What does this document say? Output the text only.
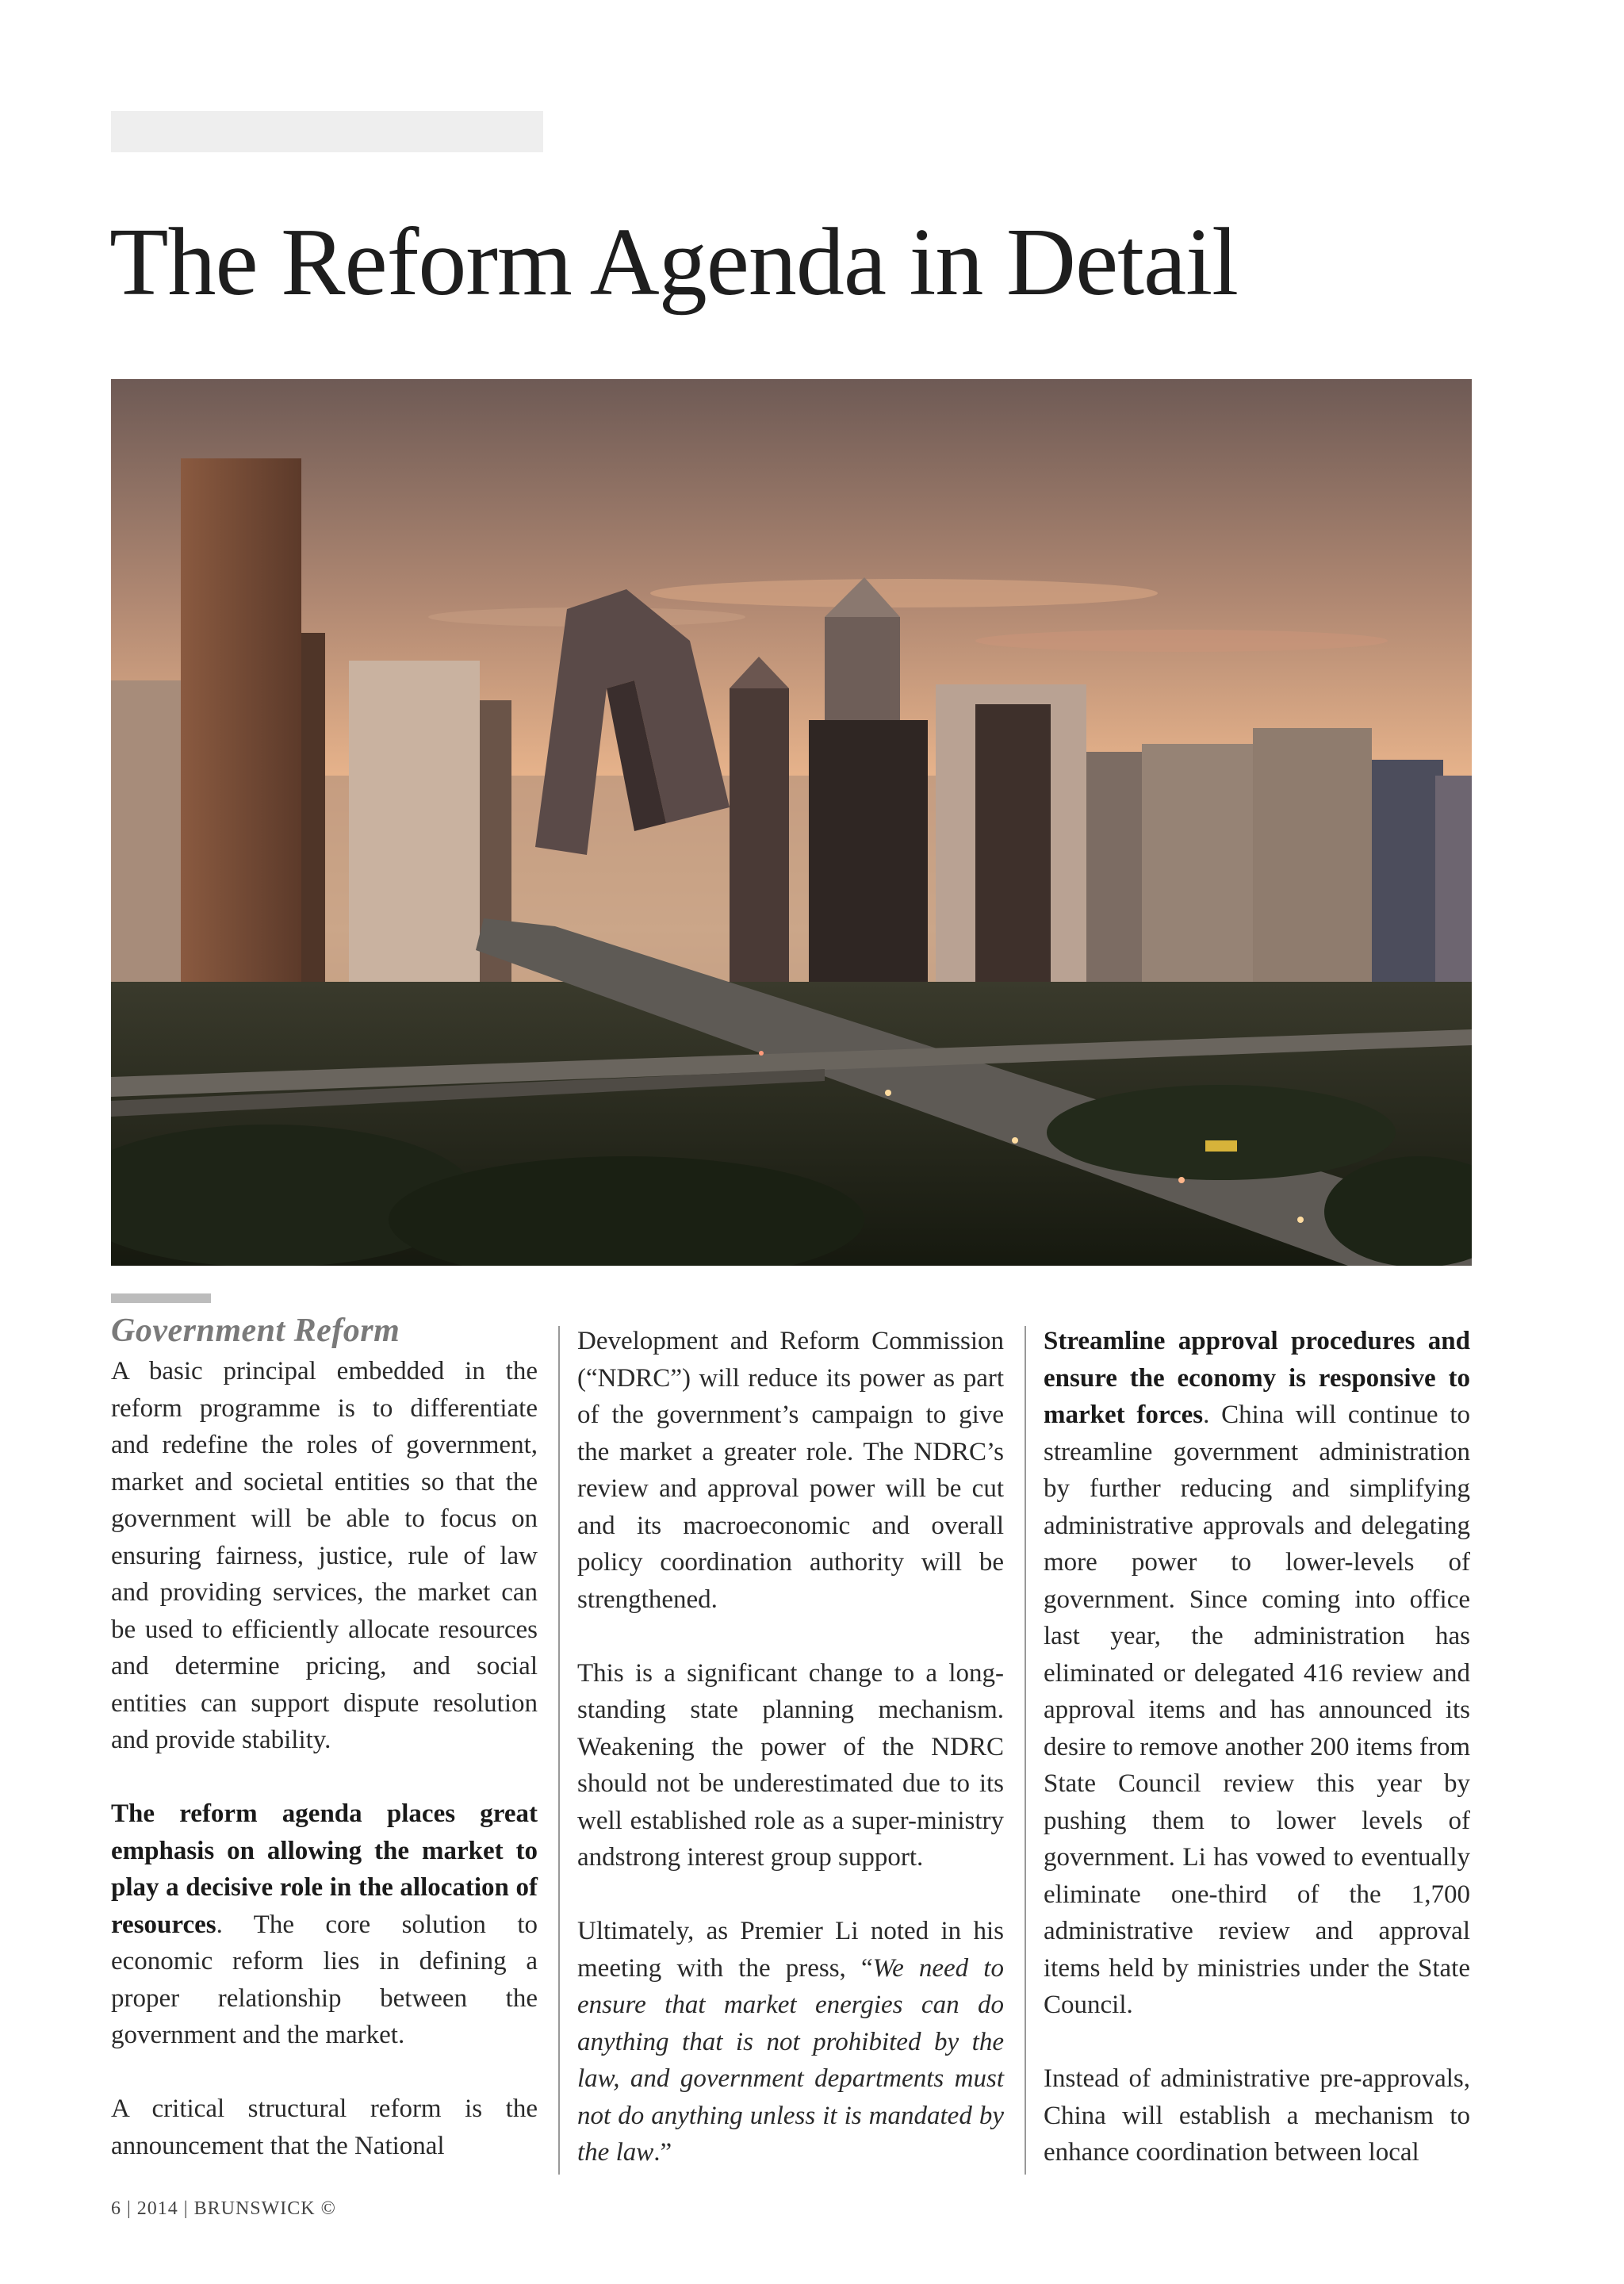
The Reform Agenda in Detail
Government Reform

A basic principal embedded in the reform programme is to differentiate and redefine the roles of government, market and societal entities so that the government will be able to focus on ensuring fairness, justice, rule of law and providing services, the market can be used to efficiently allocate resources and determine pricing, and social entities can support dispute resolution and provide stability.

The reform agenda places great emphasis on allowing the market to play a decisive role in the allocation of resources. The core solution to economic reform lies in defining a proper relationship between the government and the market.

A critical structural reform is the announcement that the National

Development and Reform Commission (“NDRC”) will reduce its power as part of the government’s campaign to give the market a greater role. The NDRC’s review and approval power will be cut and its macroeconomic and overall policy coordination authority will be strengthened.

This is a significant change to a long-standing state planning mechanism. Weakening the power of the NDRC should not be underestimated due to its well established role as a super-ministry andstrong interest group support.

Ultimately, as Premier Li noted in his meeting with the press, “We need to ensure that market energies can do anything that is not prohibited by the law, and government departments must not do anything unless it is mandated by the law.”

Streamline approval procedures and ensure the economy is responsive to market forces. China will continue to streamline government administration by further reducing and simplifying administrative approvals and delegating more power to lower-levels of government. Since coming into office last year, the administration has eliminated or delegated 416 review and approval items and has announced its desire to remove another 200 items from State Council review this year by pushing them to lower levels of government. Li has vowed to eventually eliminate one-third of the 1,700 administrative review and approval items held by ministries under the State Council.

Instead of administrative pre-approvals, China will establish a mechanism to enhance coordination between local

6 | 2014 | BRUNSWICK ©
